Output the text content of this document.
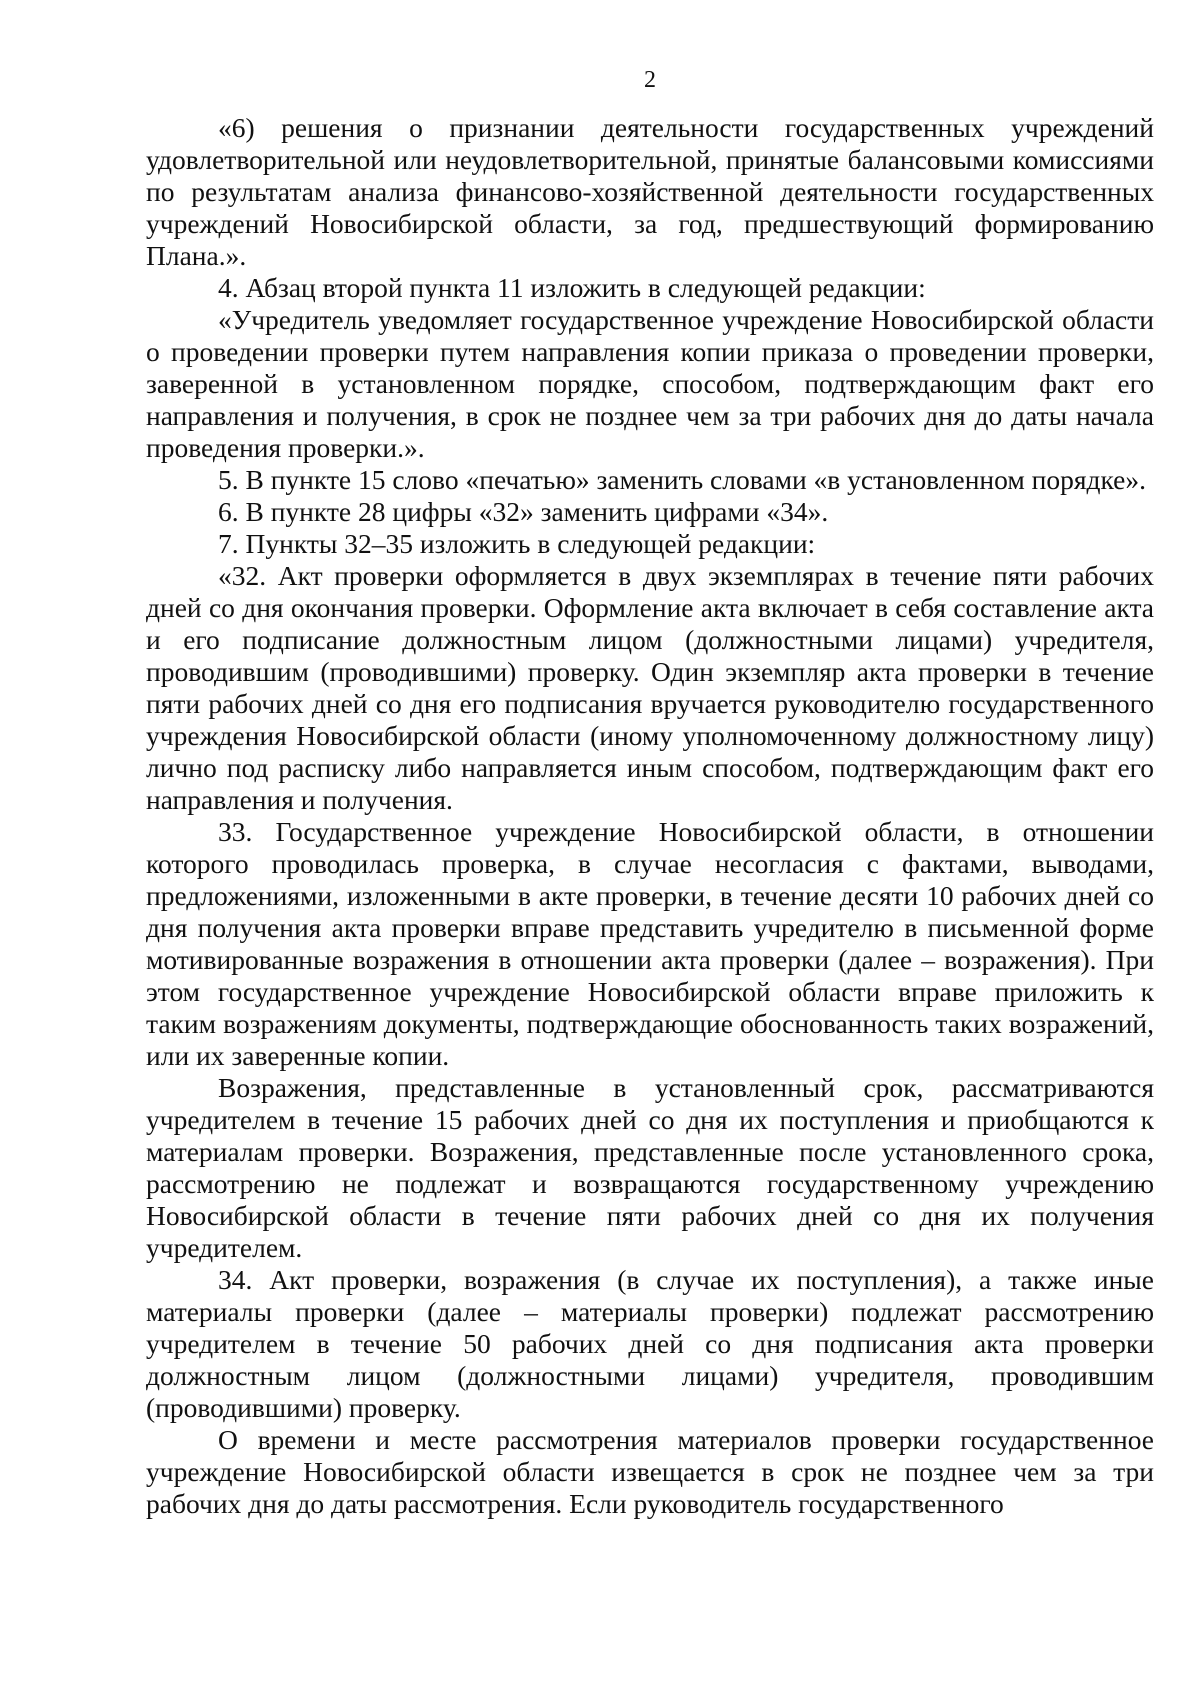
2

«6) решения о признании деятельности государственных учреждений удовлетворительной или неудовлетворительной, принятые балансовыми комиссиями по результатам анализа финансово-хозяйственной деятельности государственных учреждений Новосибирской области, за год, предшествующий формированию Плана.».

4. Абзац второй пункта 11 изложить в следующей редакции:

«Учредитель уведомляет государственное учреждение Новосибирской области о проведении проверки путем направления копии приказа о проведении проверки, заверенной в установленном порядке, способом, подтверждающим факт его направления и получения, в срок не позднее чем за три рабочих дня до даты начала проведения проверки.».

5. В пункте 15 слово «печатью» заменить словами «в установленном порядке».

6. В пункте 28 цифры «32» заменить цифрами «34».

7. Пункты 32–35 изложить в следующей редакции:

«32. Акт проверки оформляется в двух экземплярах в течение пяти рабочих дней со дня окончания проверки. Оформление акта включает в себя составление акта и его подписание должностным лицом (должностными лицами) учредителя, проводившим (проводившими) проверку. Один экземпляр акта проверки в течение пяти рабочих дней со дня его подписания вручается руководителю государственного учреждения Новосибирской области (иному уполномоченному должностному лицу) лично под расписку либо направляется иным способом, подтверждающим факт его направления и получения.

33. Государственное учреждение Новосибирской области, в отношении которого проводилась проверка, в случае несогласия с фактами, выводами, предложениями, изложенными в акте проверки, в течение десяти 10 рабочих дней со дня получения акта проверки вправе представить учредителю в письменной форме мотивированные возражения в отношении акта проверки (далее – возражения). При этом государственное учреждение Новосибирской области вправе приложить к таким возражениям документы, подтверждающие обоснованность таких возражений, или их заверенные копии.

Возражения, представленные в установленный срок, рассматриваются учредителем в течение 15 рабочих дней со дня их поступления и приобщаются к материалам проверки. Возражения, представленные после установленного срока, рассмотрению не подлежат и возвращаются государственному учреждению Новосибирской области в течение пяти рабочих дней со дня их получения учредителем.

34. Акт проверки, возражения (в случае их поступления), а также иные материалы проверки (далее – материалы проверки) подлежат рассмотрению учредителем в течение 50 рабочих дней со дня подписания акта проверки должностным лицом (должностными лицами) учредителя, проводившим (проводившими) проверку.

О времени и месте рассмотрения материалов проверки государственное учреждение Новосибирской области извещается в срок не позднее чем за три рабочих дня до даты рассмотрения. Если руководитель государственного
